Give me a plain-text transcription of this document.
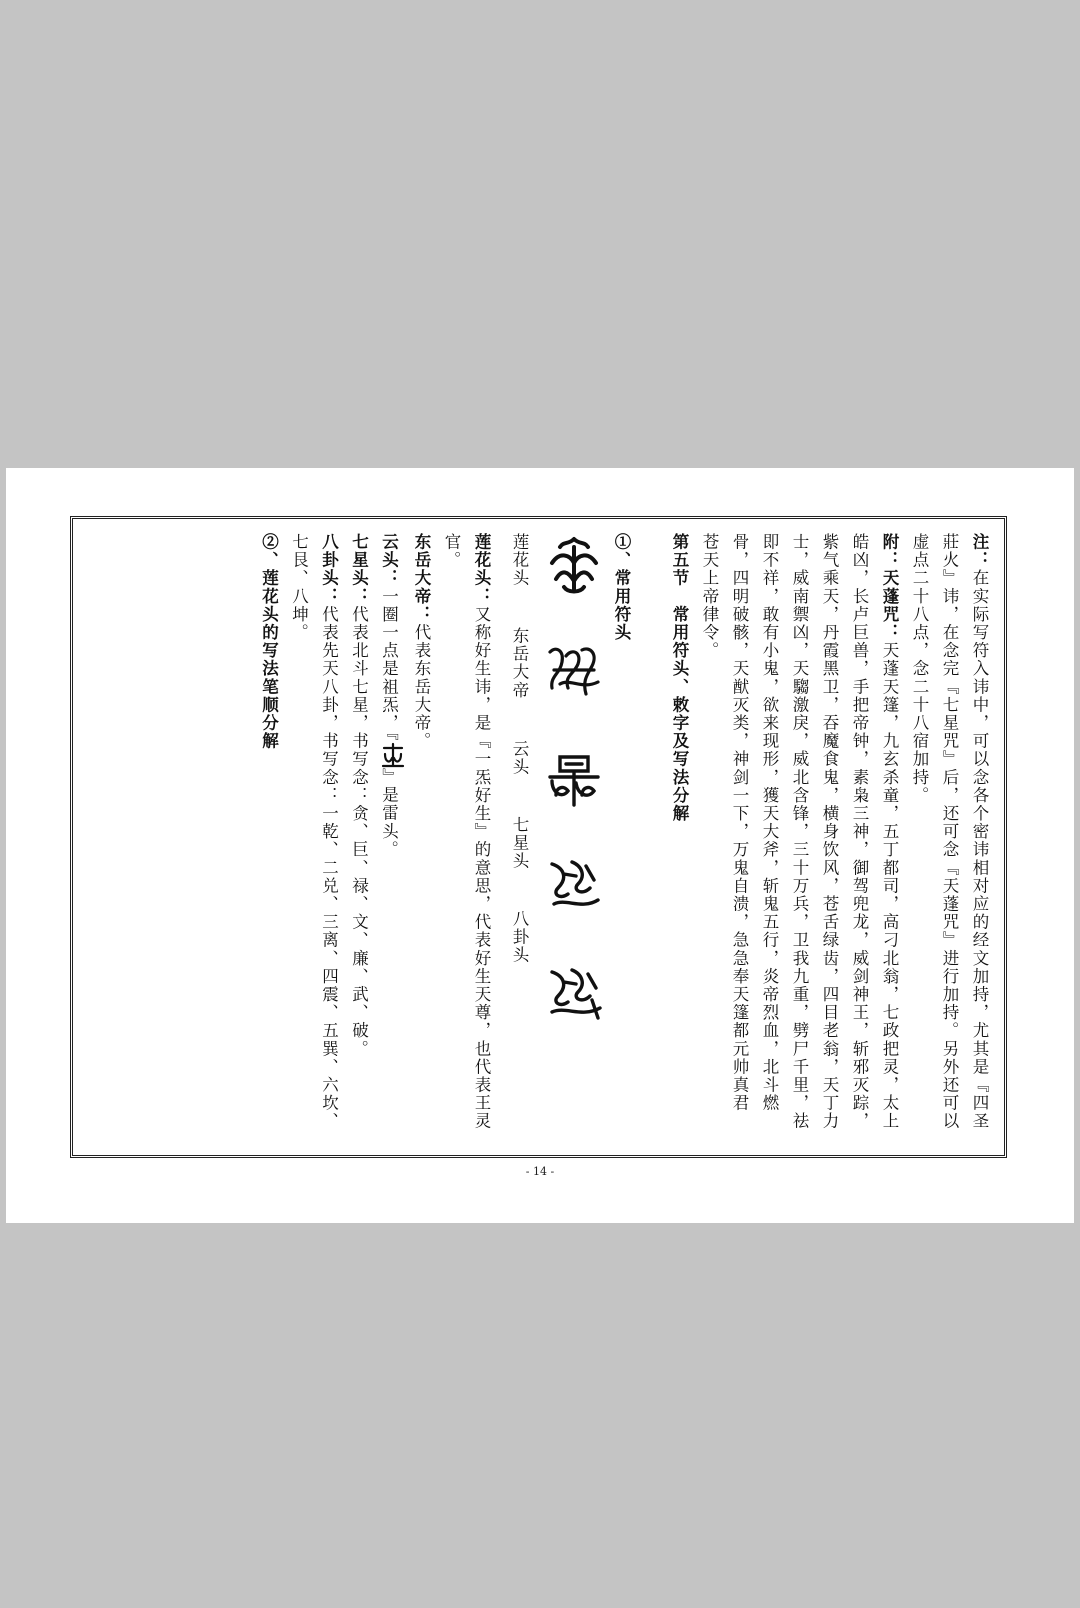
注：在实际写符入讳中，可以念各个密讳相对应的经文加持，尤其是『四圣莊火』讳，在念完『七星咒』后，还可念『天蓬咒』进行加持。另外还可以虚点二十八点，念二十八宿加持。

附：天蓬咒：天蓬天篷，九玄杀童，五丁都司，高刁北翁，七政把灵，太上皓凶，长卢巨兽，手把帝钟，素枭三神，御驾兜龙，威剑神王，斩邪灭踪，紫气乘天，丹霞黑卫，吞魔食鬼，横身饮风，苍舌绿齿，四目老翁，天丁力士，威南禦凶，天騶激戾，威北含锋，三十万兵，卫我九重，劈尸千里，祛即不祥，敢有小鬼，欲来现形，獲天大斧，斩鬼五行，炎帝烈血，北斗燃骨，四明破骸，天猷灭类，神剑一下，万鬼自溃，急急奉天篷都元帅真君　　苍天上帝律令。

第五节　常用符头、敕字及写法分解

①、常用符头

莲花头东岳大帝云头七星头八卦头

莲花头：又称好生讳，是『一炁好生』的意思，代表好生天尊，也代表王灵官。

东岳大帝：代表东岳大帝。

云头：一圈一点是祖炁，『』是雷头。

七星头：代表北斗七星，书写念：贪、巨、禄、文、廉、武、破。

八卦头：代表先天八卦，书写念：一乾、二兑、三离、四震、五巽、六坎、七艮、八坤。

②、莲花头的写法笔顺分解

- 14 -
